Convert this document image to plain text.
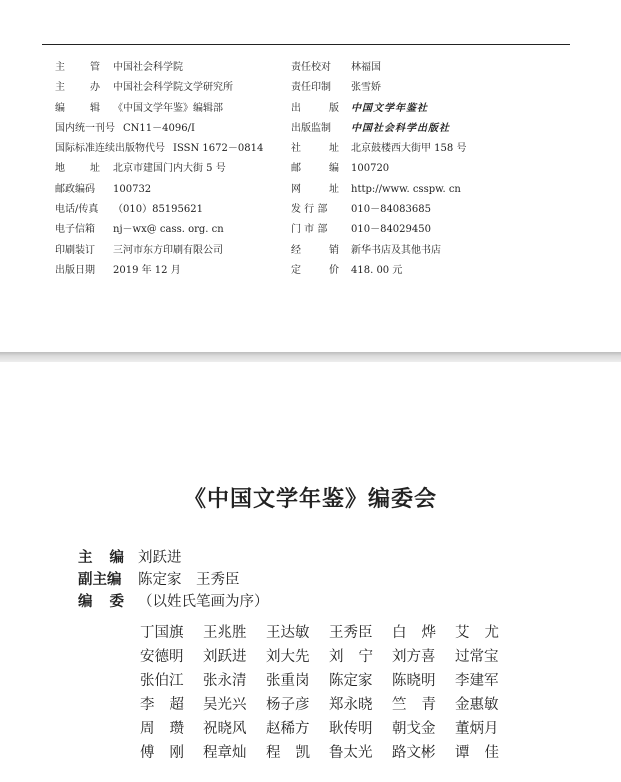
主　管 中国社会科学院
主　办 中国社会科学院文学研究所
编　辑 《中国文学年鉴》编辑部
国内统一刊号 CN11－4096/I
国际标准连续出版物代号 ISSN 1672－0814
地　址 北京市建国门内大街 5 号
邮政编码	100732
电话/传真	（010）85195621
电子信箱	nj－wx@ cass. org. cn
印刷装订	三河市东方印刷有限公司
出版日期	2019 年 12 月
责任校对	林福国
责任印制	张雪娇
出　版 中国文学年鉴社
出版监制	中国社会科学出版社
社　址 北京鼓楼西大街甲 158 号
邮　编 100720
网　址 http://www. csspw. cn
发 行 部	010－84083685
门 市 部	010－84029450
经　销 新华书店及其他书店
定　价 418. 00 元
《中国文学年鉴》编委会
主　编 刘跃进
副主编 陈定家　王秀臣
编　委 （以姓氏笔画为序）
丁国旗	王兆胜	王达敏	王秀臣	白　烨 艾　尤
安德明	刘跃进	刘大先	刘　宁 刘方喜	过常宝
张伯江	张永清	张重岗	陈定家	陈晓明	李建军
李　超 吴光兴	杨子彦	郑永晓	竺　青 金惠敏
周　瓒 祝晓风	赵稀方	耿传明	朝戈金	董炳月
傅　刚 程章灿	程　凯 鲁太光	路文彬	谭　佳
